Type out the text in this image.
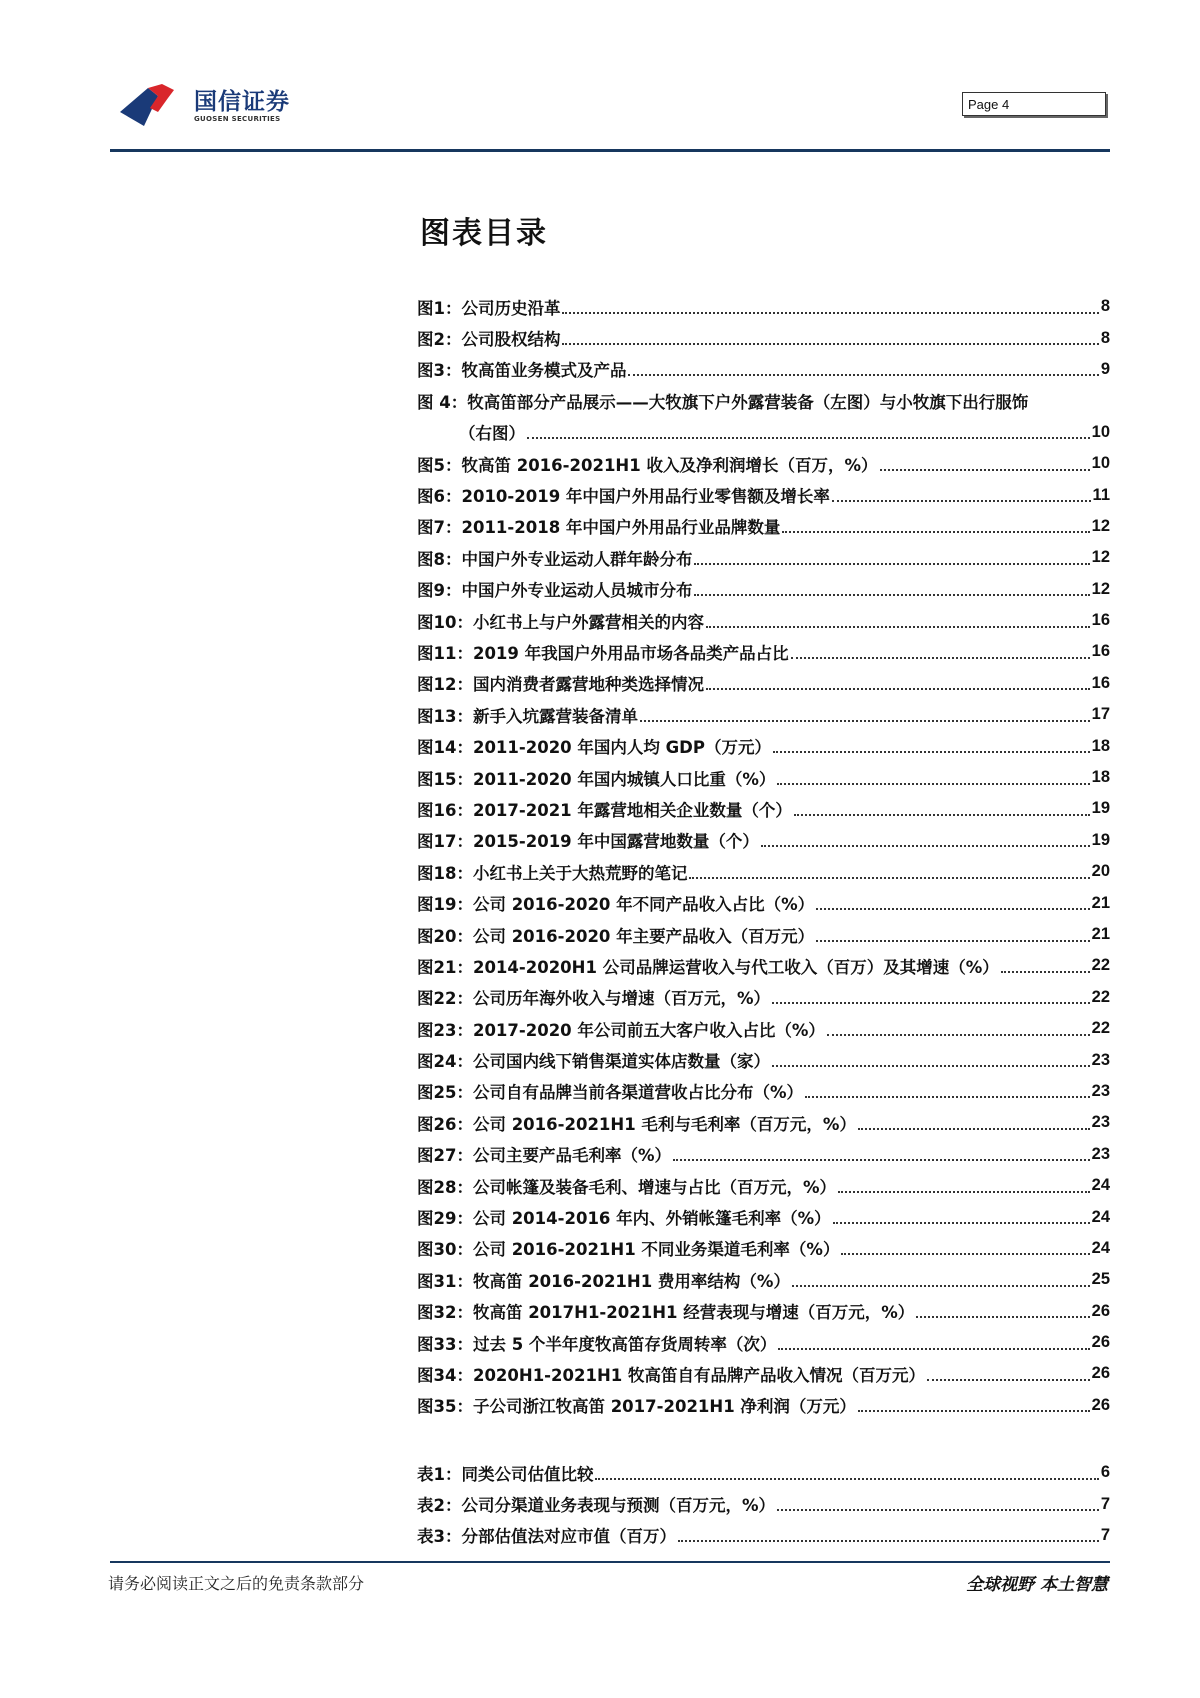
国信证券
GUOSEN SECURITIES
Page 4
图表目录
图1：公司历史沿革	8
图2：公司股权结构	8
图3：牧高笛业务模式及产品	9
图 4：牧高笛部分产品展示——大牧旗下户外露营装备（左图）与小牧旗下出行服饰
（右图）	10
图5：牧高笛 2016-2021H1 收入及净利润增长（百万，%）	10
图6：2010-2019 年中国户外用品行业零售额及增长率	11
图7：2011-2018 年中国户外用品行业品牌数量	12
图8：中国户外专业运动人群年龄分布	12
图9：中国户外专业运动人员城市分布	12
图10：小红书上与户外露营相关的内容	16
图11：2019 年我国户外用品市场各品类产品占比	16
图12：国内消费者露营地种类选择情况	16
图13：新手入坑露营装备清单	17
图14：2011-2020 年国内人均 GDP（万元）	18
图15：2011-2020 年国内城镇人口比重（%）	18
图16：2017-2021 年露营地相关企业数量（个）	19
图17：2015-2019 年中国露营地数量（个）	19
图18：小红书上关于大热荒野的笔记	20
图19：公司 2016-2020 年不同产品收入占比（%）	21
图20：公司 2016-2020 年主要产品收入（百万元）	21
图21：2014-2020H1 公司品牌运营收入与代工收入（百万）及其增速（%）	22
图22：公司历年海外收入与增速（百万元，%）	22
图23：2017-2020 年公司前五大客户收入占比（%）	22
图24：公司国内线下销售渠道实体店数量（家）	23
图25：公司自有品牌当前各渠道营收占比分布（%）	23
图26：公司 2016-2021H1 毛利与毛利率（百万元，%）	23
图27：公司主要产品毛利率（%）	23
图28：公司帐篷及装备毛利、增速与占比（百万元，%）	24
图29：公司 2014-2016 年内、外销帐篷毛利率（%）	24
图30：公司 2016-2021H1 不同业务渠道毛利率（%）	24
图31：牧高笛 2016-2021H1 费用率结构（%）	25
图32：牧高笛 2017H1-2021H1 经营表现与增速（百万元，%）	26
图33：过去 5 个半年度牧高笛存货周转率（次）	26
图34：2020H1-2021H1 牧高笛自有品牌产品收入情况（百万元）	26
图35：子公司浙江牧高笛 2017-2021H1 净利润（万元）	26
表1：同类公司估值比较	6
表2：公司分渠道业务表现与预测（百万元，%）	7
表3：分部估值法对应市值（百万）	7
请务必阅读正文之后的免责条款部分	全球视野 本土智慧
